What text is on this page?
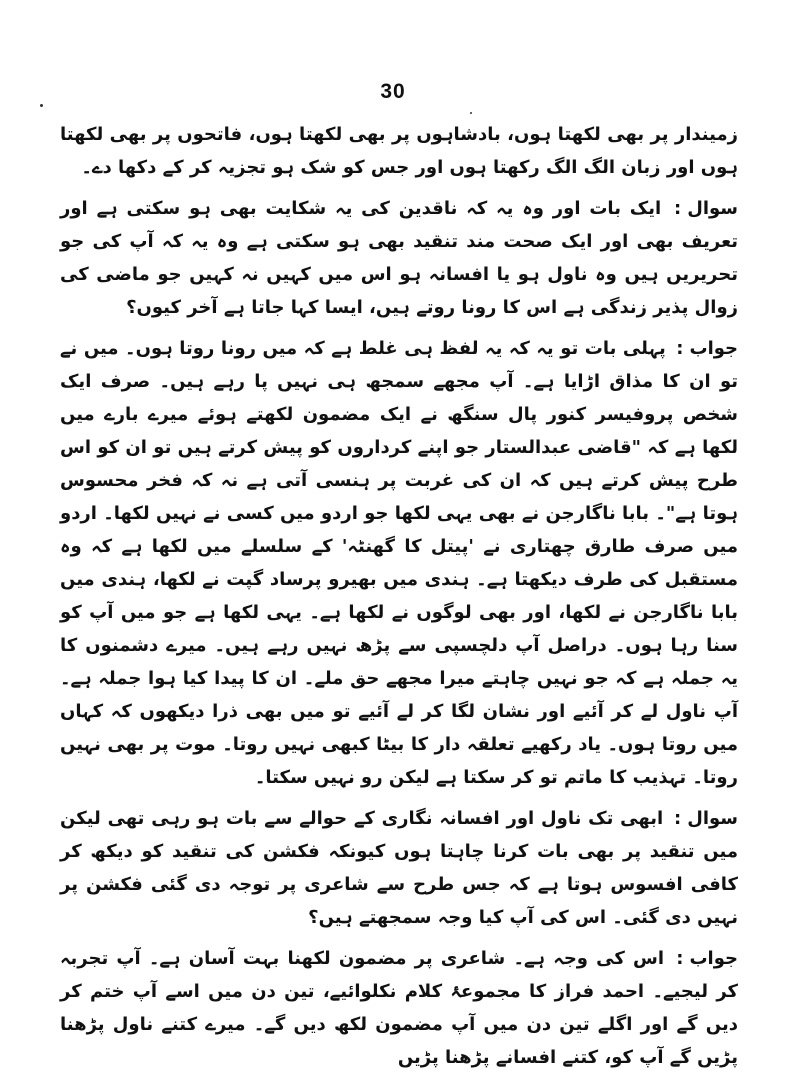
30

زمیندار پر بھی لکھتا ہوں، بادشاہوں پر بھی لکھتا ہوں، فاتحوں پر بھی لکھتا ہوں اور زبان الگ الگ رکھتا ہوں اور جس کو شک ہو تجزیہ کر کے دکھا دے۔

سوال: ایک بات اور وہ یہ کہ ناقدین کی یہ شکایت بھی ہو سکتی ہے اور تعریف بھی اور ایک صحت مند تنقید بھی ہو سکتی ہے وہ یہ کہ آپ کی جو تحریریں ہیں وہ ناول ہو یا افسانہ ہو اس میں کہیں نہ کہیں جو ماضی کی زوال پذیر زندگی ہے اس کا رونا روتے ہیں، ایسا کہا جاتا ہے آخر کیوں؟

جواب: پہلی بات تو یہ کہ یہ لفظ ہی غلط ہے کہ میں رونا روتا ہوں۔ میں نے تو ان کا مذاق اڑایا ہے۔ آپ مجھے سمجھ ہی نہیں پا رہے ہیں۔ صرف ایک شخص پروفیسر کنور پال سنگھ نے ایک مضمون لکھتے ہوئے میرے بارے میں لکھا ہے کہ "قاضی عبدالستار جو اپنے کرداروں کو پیش کرتے ہیں تو ان کو اس طرح پیش کرتے ہیں کہ ان کی غربت پر ہنسی آتی ہے نہ کہ فخر محسوس ہوتا ہے"۔ بابا ناگارجن نے بھی یہی لکھا جو اردو میں کسی نے نہیں لکھا۔ اردو میں صرف طارق چھتاری نے 'پیتل کا گھنٹہ' کے سلسلے میں لکھا ہے کہ وہ مستقبل کی طرف دیکھتا ہے۔ ہندی میں بھیرو پرساد گپت نے لکھا، ہندی میں بابا ناگارجن نے لکھا، اور بھی لوگوں نے لکھا ہے۔ یہی لکھا ہے جو میں آپ کو سنا رہا ہوں۔ دراصل آپ دلچسپی سے پڑھ نہیں رہے ہیں۔ میرے دشمنوں کا یہ جملہ ہے کہ جو نہیں چاہتے میرا مجھے حق ملے۔ ان کا پیدا کیا ہوا جملہ ہے۔ آپ ناول لے کر آئیے اور نشان لگا کر لے آئیے تو میں بھی ذرا دیکھوں کہ کہاں میں روتا ہوں۔ یاد رکھیے تعلقہ دار کا بیٹا کبھی نہیں روتا۔ موت پر بھی نہیں روتا۔ تہذیب کا ماتم تو کر سکتا ہے لیکن رو نہیں سکتا۔

سوال: ابھی تک ناول اور افسانہ نگاری کے حوالے سے بات ہو رہی تھی لیکن میں تنقید پر بھی بات کرنا چاہتا ہوں کیونکہ فکشن کی تنقید کو دیکھ کر کافی افسوس ہوتا ہے کہ جس طرح سے شاعری پر توجہ دی گئی فکشن پر نہیں دی گئی۔ اس کی آپ کیا وجہ سمجھتے ہیں؟

جواب: اس کی وجہ ہے۔ شاعری پر مضمون لکھنا بہت آسان ہے۔ آپ تجربہ کر لیجیے۔ احمد فراز کا مجموعۂ کلام نکلوائیے، تین دن میں اسے آپ ختم کر دیں گے اور اگلے تین دن میں آپ مضمون لکھ دیں گے۔ میرے کتنے ناول پڑھنا پڑیں گے آپ کو، کتنے افسانے پڑھنا پڑیں
